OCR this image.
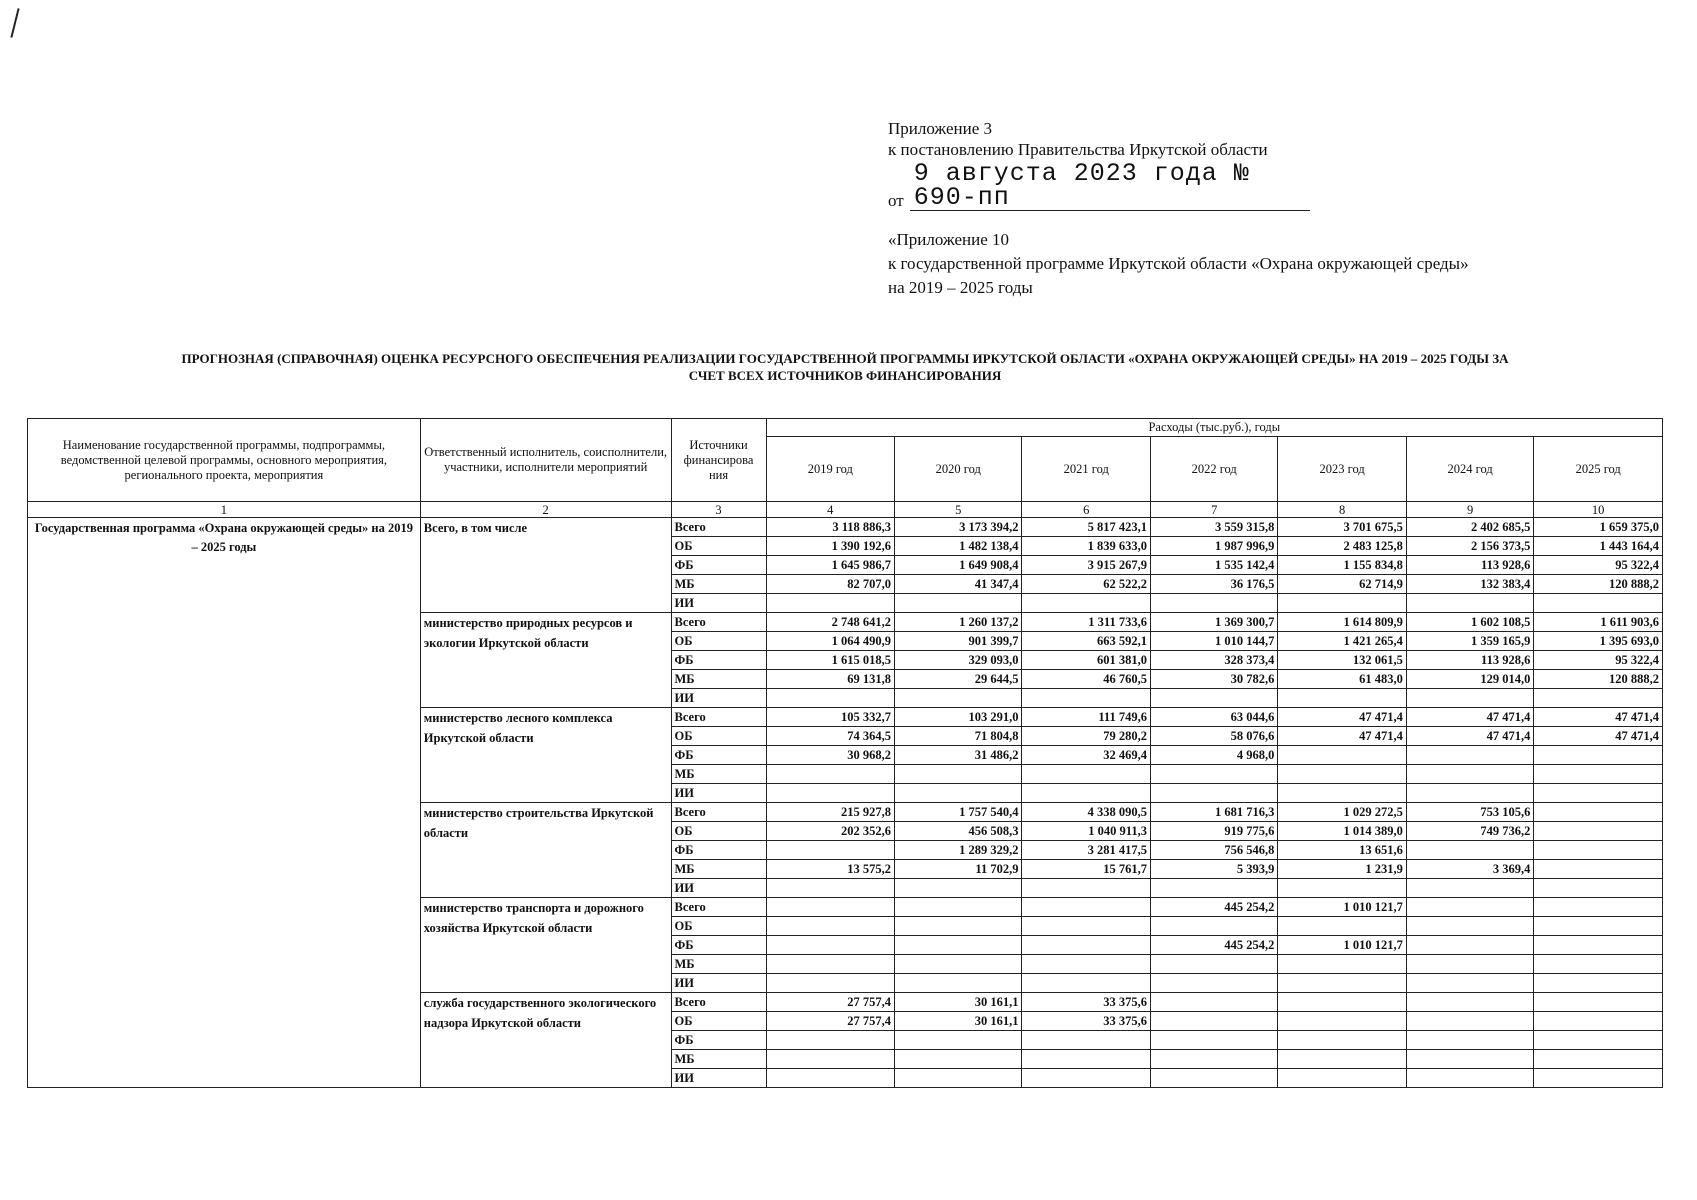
Приложение 3
к постановлению Правительства Иркутской области
от
9 августа 2023 года № 690-пп
«Приложение 10
к государственной программе Иркутской области «Охрана окружающей среды»
на 2019 – 2025 годы
ПРОГНОЗНАЯ (СПРАВОЧНАЯ) ОЦЕНКА РЕСУРСНОГО ОБЕСПЕЧЕНИЯ РЕАЛИЗАЦИИ ГОСУДАРСТВЕННОЙ ПРОГРАММЫ ИРКУТСКОЙ ОБЛАСТИ «ОХРАНА ОКРУЖАЮЩЕЙ СРЕДЫ» НА 2019 – 2025 ГОДЫ ЗА
СЧЕТ ВСЕХ ИСТОЧНИКОВ ФИНАНСИРОВАНИЯ
Наименование государственной программы, подпрограммы, ведомственной целевой программы, основного мероприятия, регионального проекта, мероприятия	Ответственный исполнитель, соисполнители, участники, исполнители мероприятий	Источники финансирова ния	Расходы (тыс.руб.), годы						
			2019 год	2020 год	2021 год	2022 год	2023 год	2024 год	2025 год
1	2	3	4	5	6	7	8	9	10
Государственная программа «Охрана окружающей среды» на 2019 – 2025 годы	Всего, в том числе	Всего	3 118 886,3	3 173 394,2	5 817 423,1	3 559 315,8	3 701 675,5	2 402 685,5	1 659 375,0
		ОБ	1 390 192,6	1 482 138,4	1 839 633,0	1 987 996,9	2 483 125,8	2 156 373,5	1 443 164,4
		ФБ	1 645 986,7	1 649 908,4	3 915 267,9	1 535 142,4	1 155 834,8	113 928,6	95 322,4
		МБ	82 707,0	41 347,4	62 522,2	36 176,5	62 714,9	132 383,4	120 888,2
		ИИ							
	министерство природных ресурсов и экологии Иркутской области	Всего	2 748 641,2	1 260 137,2	1 311 733,6	1 369 300,7	1 614 809,9	1 602 108,5	1 611 903,6
		ОБ	1 064 490,9	901 399,7	663 592,1	1 010 144,7	1 421 265,4	1 359 165,9	1 395 693,0
		ФБ	1 615 018,5	329 093,0	601 381,0	328 373,4	132 061,5	113 928,6	95 322,4
		МБ	69 131,8	29 644,5	46 760,5	30 782,6	61 483,0	129 014,0	120 888,2
		ИИ							
	министерство лесного комплекса Иркутской области	Всего	105 332,7	103 291,0	111 749,6	63 044,6	47 471,4	47 471,4	47 471,4
		ОБ	74 364,5	71 804,8	79 280,2	58 076,6	47 471,4	47 471,4	47 471,4
		ФБ	30 968,2	31 486,2	32 469,4	4 968,0			
		МБ							
		ИИ							
	министерство строительства Иркутской области	Всего	215 927,8	1 757 540,4	4 338 090,5	1 681 716,3	1 029 272,5	753 105,6	
		ОБ	202 352,6	456 508,3	1 040 911,3	919 775,6	1 014 389,0	749 736,2	
		ФБ		1 289 329,2	3 281 417,5	756 546,8	13 651,6		
		МБ	13 575,2	11 702,9	15 761,7	5 393,9	1 231,9	3 369,4	
		ИИ							
	министерство транспорта и дорожного хозяйства Иркутской области	Всего				445 254,2	1 010 121,7		
		ОБ							
		ФБ				445 254,2	1 010 121,7		
		МБ							
		ИИ							
	служба государственного экологического надзора Иркутской области	Всего	27 757,4	30 161,1	33 375,6				
		ОБ	27 757,4	30 161,1	33 375,6				
		ФБ							
		МБ							
		ИИ							
